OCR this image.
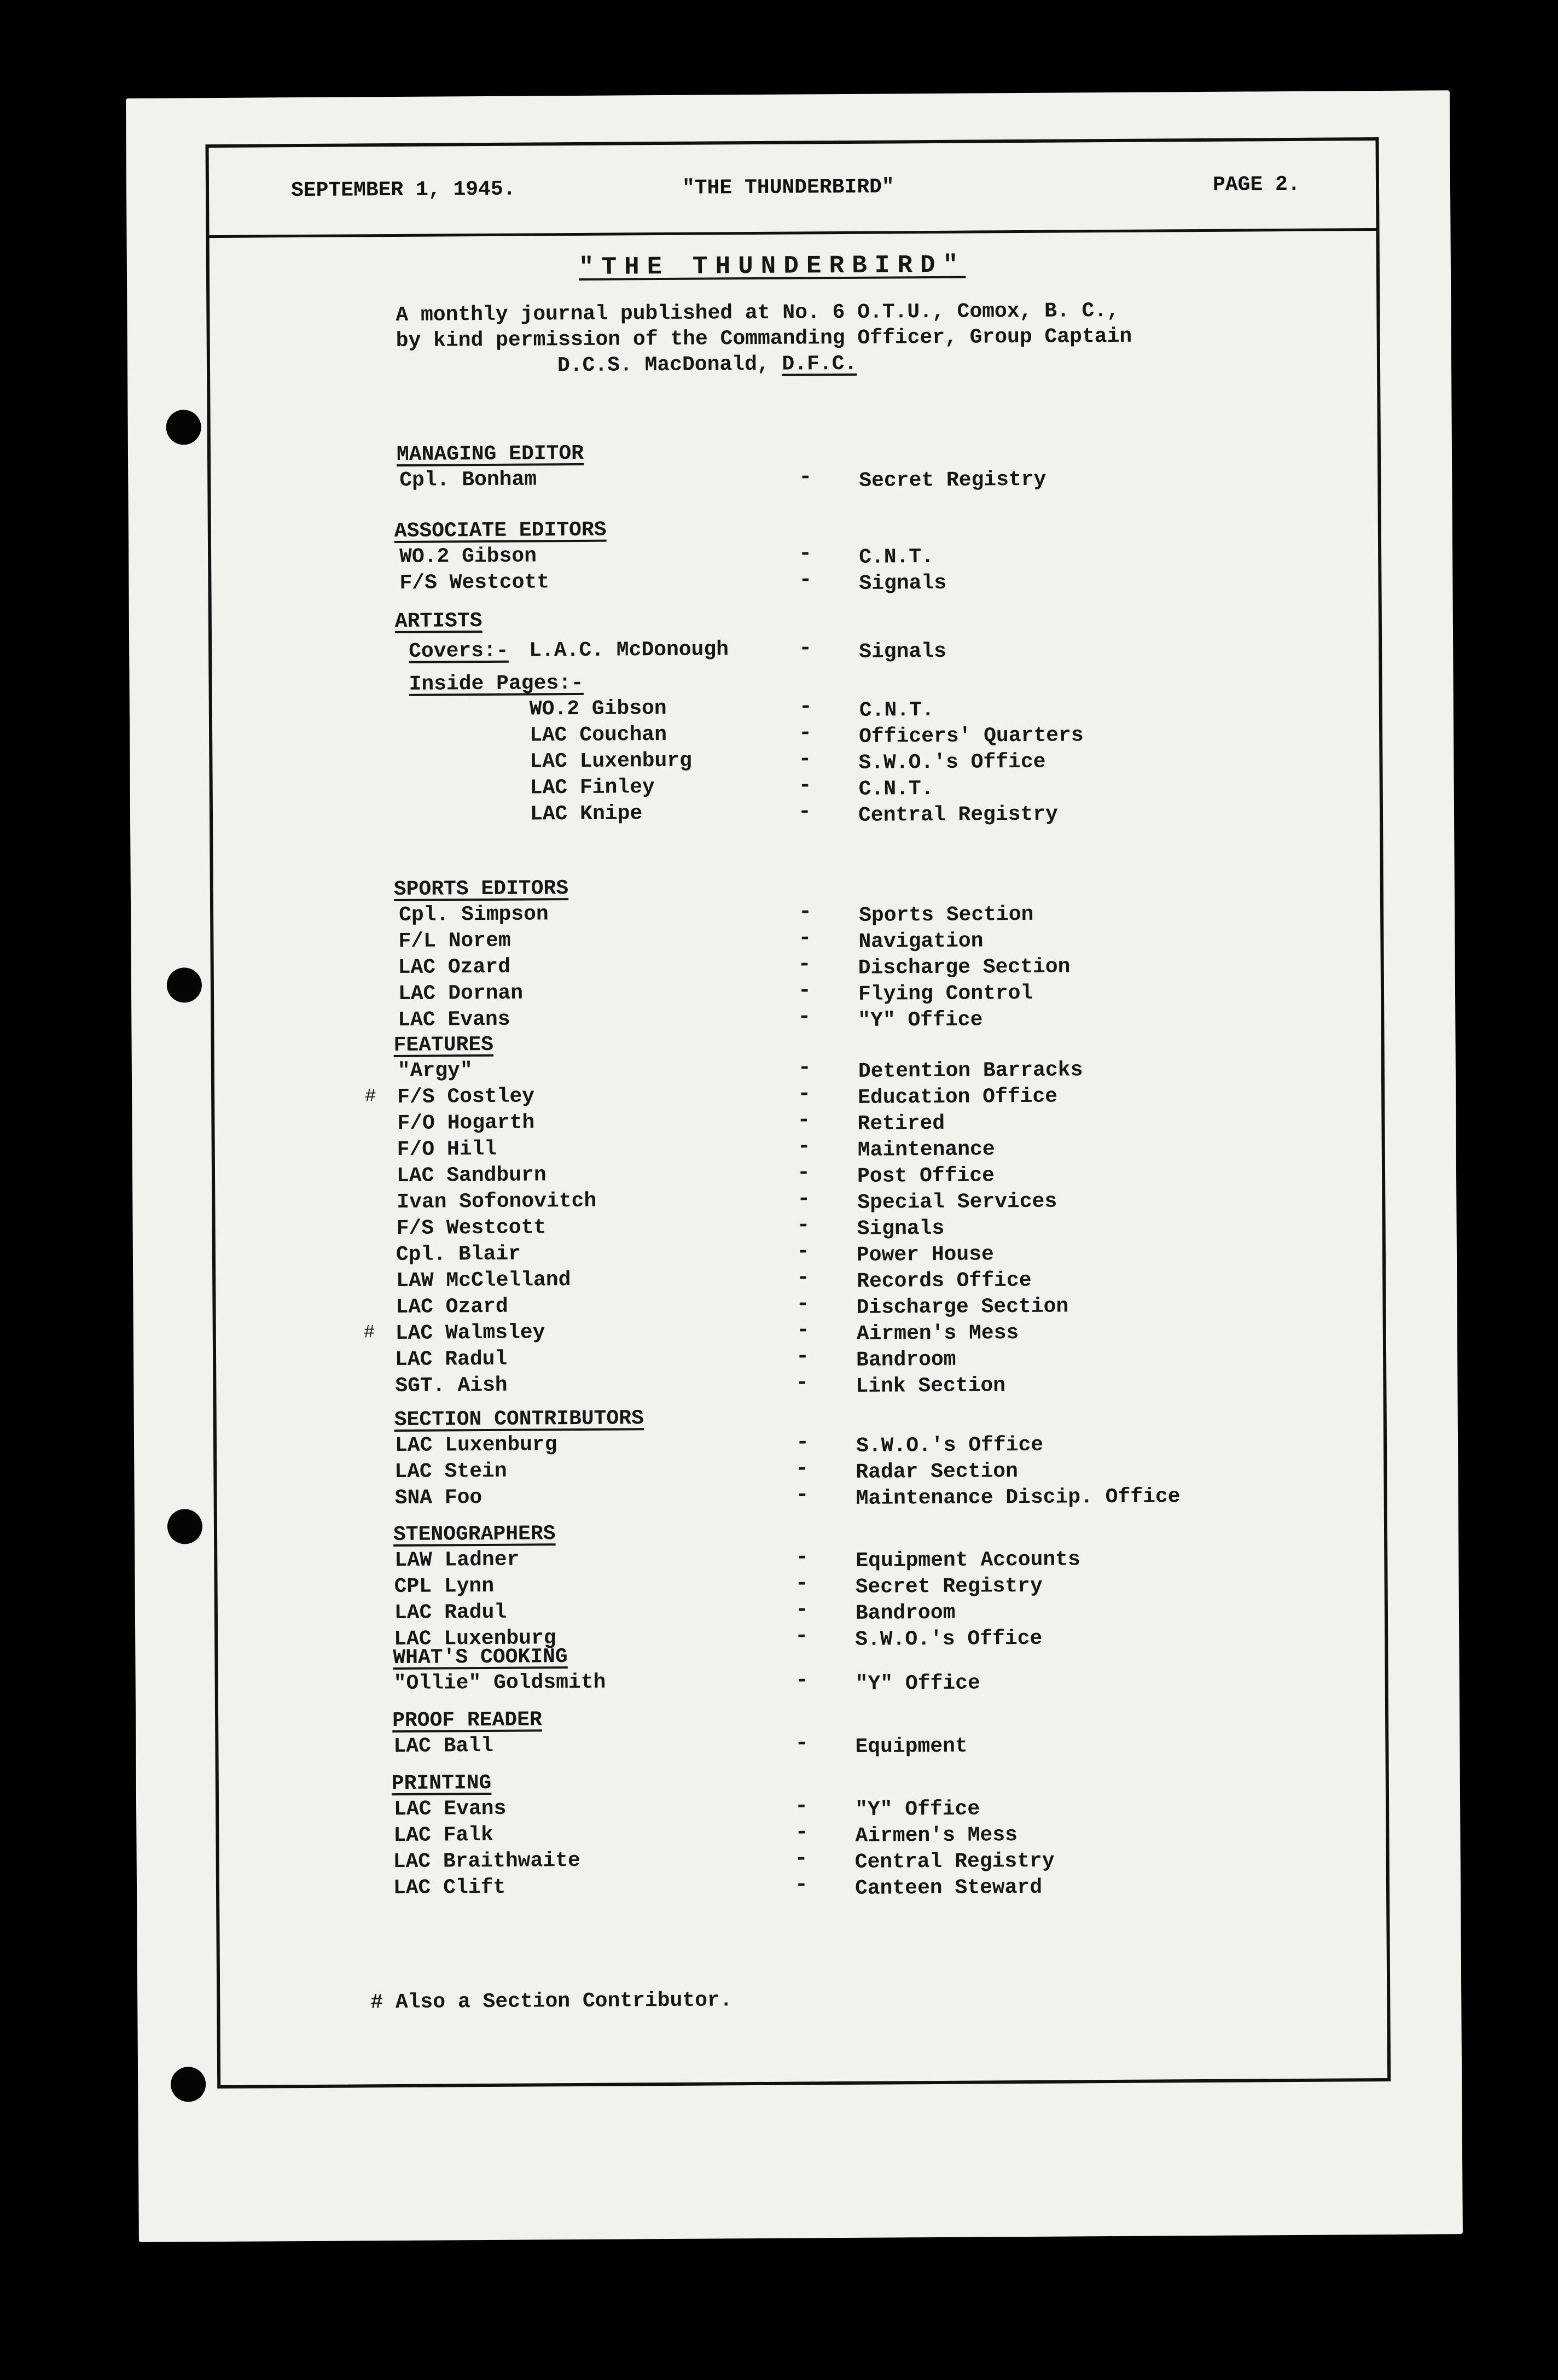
SEPTEMBER 1, 1945.	"THE THUNDERBIRD"	PAGE 2.
"THE THUNDERBIRD"
A monthly journal published at No. 6 O.T.U., Comox, B. C.,
by kind permission of the Commanding Officer, Group Captain
D.C.S. MacDonald, D.F.C.
MANAGING EDITOR
ASSOCIATE EDITORS
ARTISTS
SPORTS EDITORS
FEATURES
SECTION CONTRIBUTORS
STENOGRAPHERS
WHAT'S COOKING
PROOF READER
PRINTING
Covers:-
Inside Pages:-
Cpl. Bonham	- Secret Registry
WO.2 Gibson	- C.N.T.
F/S Westcott	- Signals
L.A.C. McDonough	- Signals
WO.2 Gibson	- C.N.T.
LAC Couchan	- Officers' Quarters
LAC Luxenburg	- S.W.O.'s Office
LAC Finley	- C.N.T.
LAC Knipe	- Central Registry
Cpl. Simpson	- Sports Section
F/L Norem	- Navigation
LAC Ozard	- Discharge Section
LAC Dornan	- Flying Control
LAC Evans	- "Y" Office
"Argy"	- Detention Barracks
F/S Costley	- Education Office
F/O Hogarth	- Retired
F/O Hill	- Maintenance
LAC Sandburn	- Post Office
Ivan Sofonovitch	- Special Services
F/S Westcott	- Signals
Cpl. Blair	- Power House
LAW McClelland	- Records Office
LAC Ozard	- Discharge Section
LAC Walmsley	- Airmen's Mess
LAC Radul	- Bandroom
SGT. Aish	- Link Section
LAC Luxenburg	- S.W.O.'s Office
LAC Stein	- Radar Section
SNA Foo	- Maintenance Discip. Office
LAW Ladner	- Equipment Accounts
CPL Lynn	- Secret Registry
LAC Radul	- Bandroom
LAC Luxenburg	- S.W.O.'s Office
"Ollie" Goldsmith	- "Y" Office
LAC Ball	- Equipment
LAC Evans	- "Y" Office
LAC Falk	- Airmen's Mess
LAC Braithwaite	- Central Registry
LAC Clift	- Canteen Steward
#
#
# Also a Section Contributor.
